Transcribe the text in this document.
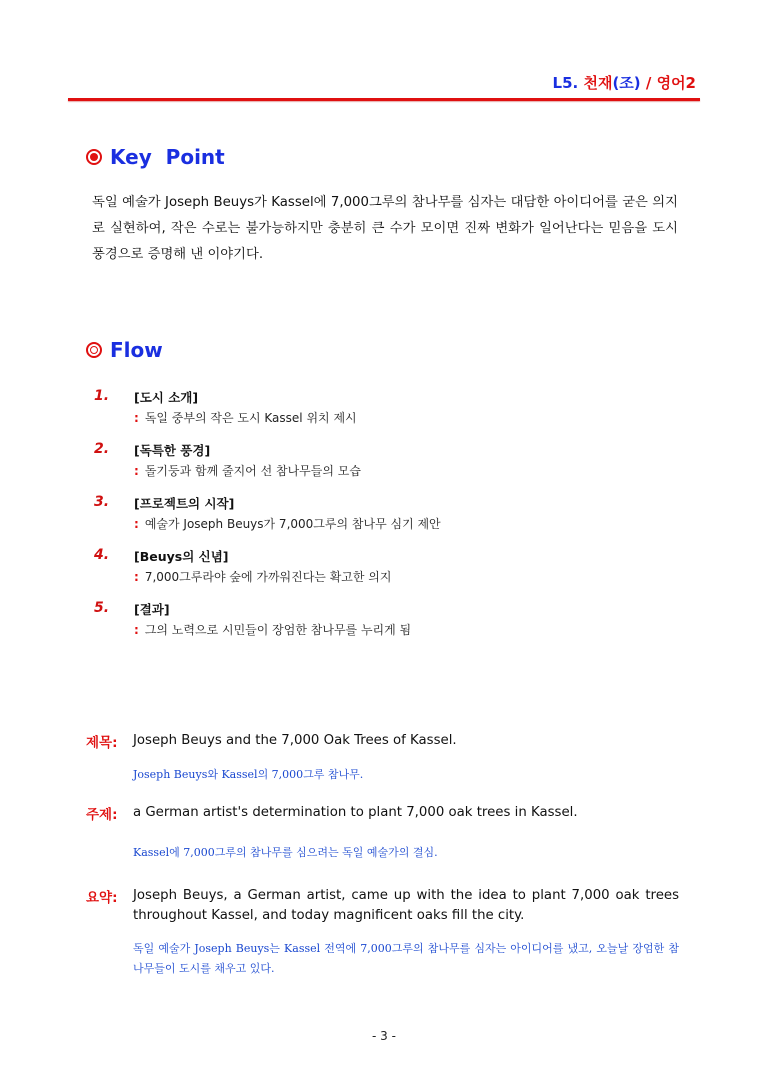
L5. 천재(조) / 영어2
Key  Point
독일 예술가 Joseph Beuys가 Kassel에 7,000그루의 참나무를 심자는 대담한 아이디어를 굳은 의지로 실현하여, 작은 수로는 불가능하지만 충분히 큰 수가 모이면 진짜 변화가 일어난다는 믿음을 도시 풍경으로 증명해 낸 이야기다.
Flow
1.	[도시 소개]
: 독일 중부의 작은 도시 Kassel 위치 제시
2.	[독특한 풍경]
: 돌기둥과 함께 줄지어 선 참나무들의 모습
3.	[프로젝트의 시작]
: 예술가 Joseph Beuys가 7,000그루의 참나무 심기 제안
4.	[Beuys의 신념]
: 7,000그루라야 숲에 가까워진다는 확고한 의지
5.	[결과]
: 그의 노력으로 시민들이 장엄한 참나무를 누리게 됨
제목: Joseph Beuys and the 7,000 Oak Trees of Kassel.
Joseph Beuys와 Kassel의 7,000그루 참나무.
주제: a German artist's determination to plant 7,000 oak trees in Kassel.
Kassel에 7,000그루의 참나무를 심으려는 독일 예술가의 결심.
요약: Joseph Beuys, a German artist, came up with the idea to plant 7,000 oak trees throughout Kassel, and today magnificent oaks fill the city.
독일 예술가 Joseph Beuys는 Kassel 전역에 7,000그루의 참나무를 심자는 아이디어를 냈고, 오늘날 장엄한 참나무들이 도시를 채우고 있다.
- 3 -
